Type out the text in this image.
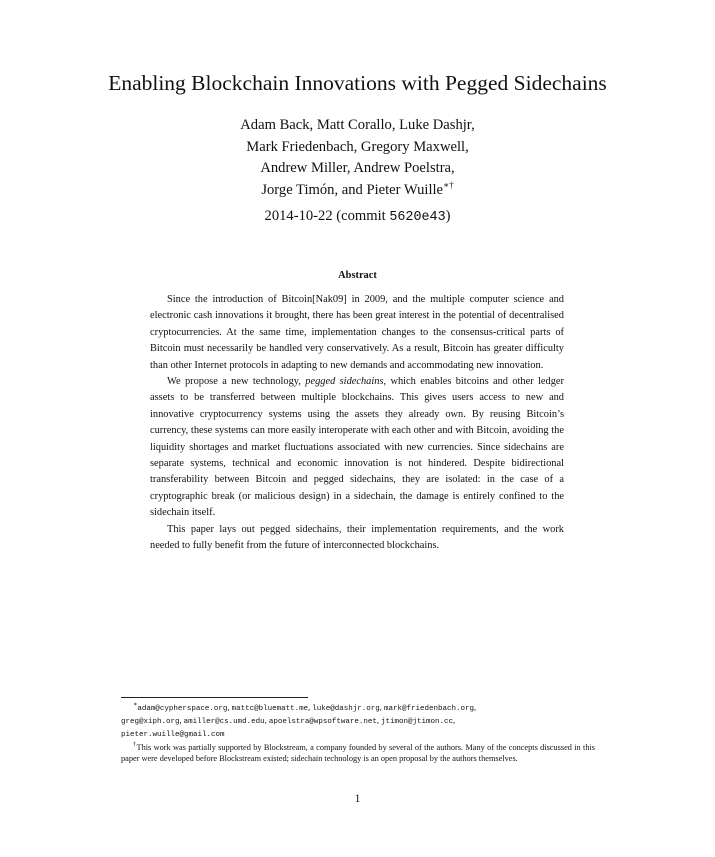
Enabling Blockchain Innovations with Pegged Sidechains
Adam Back, Matt Corallo, Luke Dashjr,
Mark Friedenbach, Gregory Maxwell,
Andrew Miller, Andrew Poelstra,
Jorge Timón, and Pieter Wuille∗†
2014-10-22 (commit 5620e43)
Abstract

Since the introduction of Bitcoin[Nak09] in 2009, and the multiple computer science and electronic cash innovations it brought, there has been great interest in the potential of decentralised cryptocurrencies. At the same time, implementation changes to the consensus-critical parts of Bitcoin must necessarily be handled very conservatively. As a result, Bitcoin has greater difficulty than other Internet protocols in adapting to new demands and accommodating new innovation.

We propose a new technology, pegged sidechains, which enables bitcoins and other ledger assets to be transferred between multiple blockchains. This gives users access to new and innovative cryptocurrency systems using the assets they already own. By reusing Bitcoin’s currency, these systems can more easily interoperate with each other and with Bitcoin, avoiding the liquidity shortages and market fluctuations associated with new currencies. Since sidechains are separate systems, technical and economic innovation is not hindered. Despite bidirectional transferability between Bitcoin and pegged sidechains, they are isolated: in the case of a cryptographic break (or malicious design) in a sidechain, the damage is entirely confined to the sidechain itself.

This paper lays out pegged sidechains, their implementation requirements, and the work needed to fully benefit from the future of interconnected blockchains.

∗adam@cypherspace.org, mattc@bluematt.me, luke@dashjr.org, mark@friedenbach.org,
greg@xiph.org, amiller@cs.umd.edu, apoelstra@wpsoftware.net, jtimon@jtimon.cc,
pieter.wuille@gmail.com

†This work was partially supported by Blockstream, a company founded by several of the authors. Many of the concepts discussed in this paper were developed before Blockstream existed; sidechain technology is an open proposal by the authors themselves.

1
